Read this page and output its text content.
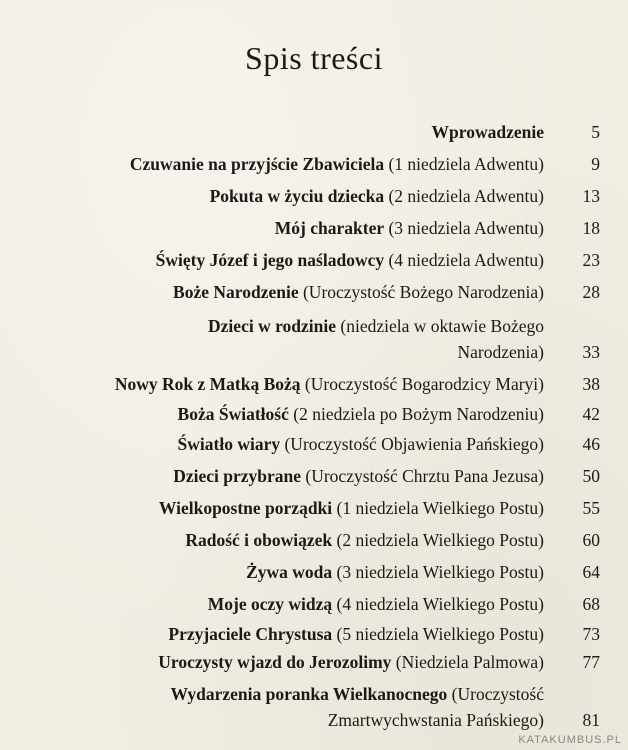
Spis treści
Wprowadzenie	5
Czuwanie na przyjście Zbawiciela (1 niedziela Adwentu)	9
Pokuta w życiu dziecka (2 niedziela Adwentu)	13
Mój charakter (3 niedziela Adwentu)	18
Święty Józef i jego naśladowcy (4 niedziela Adwentu)	23
Boże Narodzenie (Uroczystość Bożego Narodzenia)	28
Dzieci w rodzinie (niedziela w oktawie Bożego
Narodzenia)	33
Nowy Rok z Matką Bożą (Uroczystość Bogarodzicy Maryi)	38
Boża Światłość (2 niedziela po Bożym Narodzeniu)	42
Światło wiary (Uroczystość Objawienia Pańskiego)	46
Dzieci przybrane (Uroczystość Chrztu Pana Jezusa)	50
Wielkopostne porządki (1 niedziela Wielkiego Postu)	55
Radość i obowiązek (2 niedziela Wielkiego Postu)	60
Żywa woda (3 niedziela Wielkiego Postu)	64
Moje oczy widzą (4 niedziela Wielkiego Postu)	68
Przyjaciele Chrystusa (5 niedziela Wielkiego Postu)	73
Uroczysty wjazd do Jerozolimy (Niedziela Palmowa)	77
Wydarzenia poranka Wielkanocnego (Uroczystość
Zmartwychwstania Pańskiego)	81
KATAKUMBUS.PL
